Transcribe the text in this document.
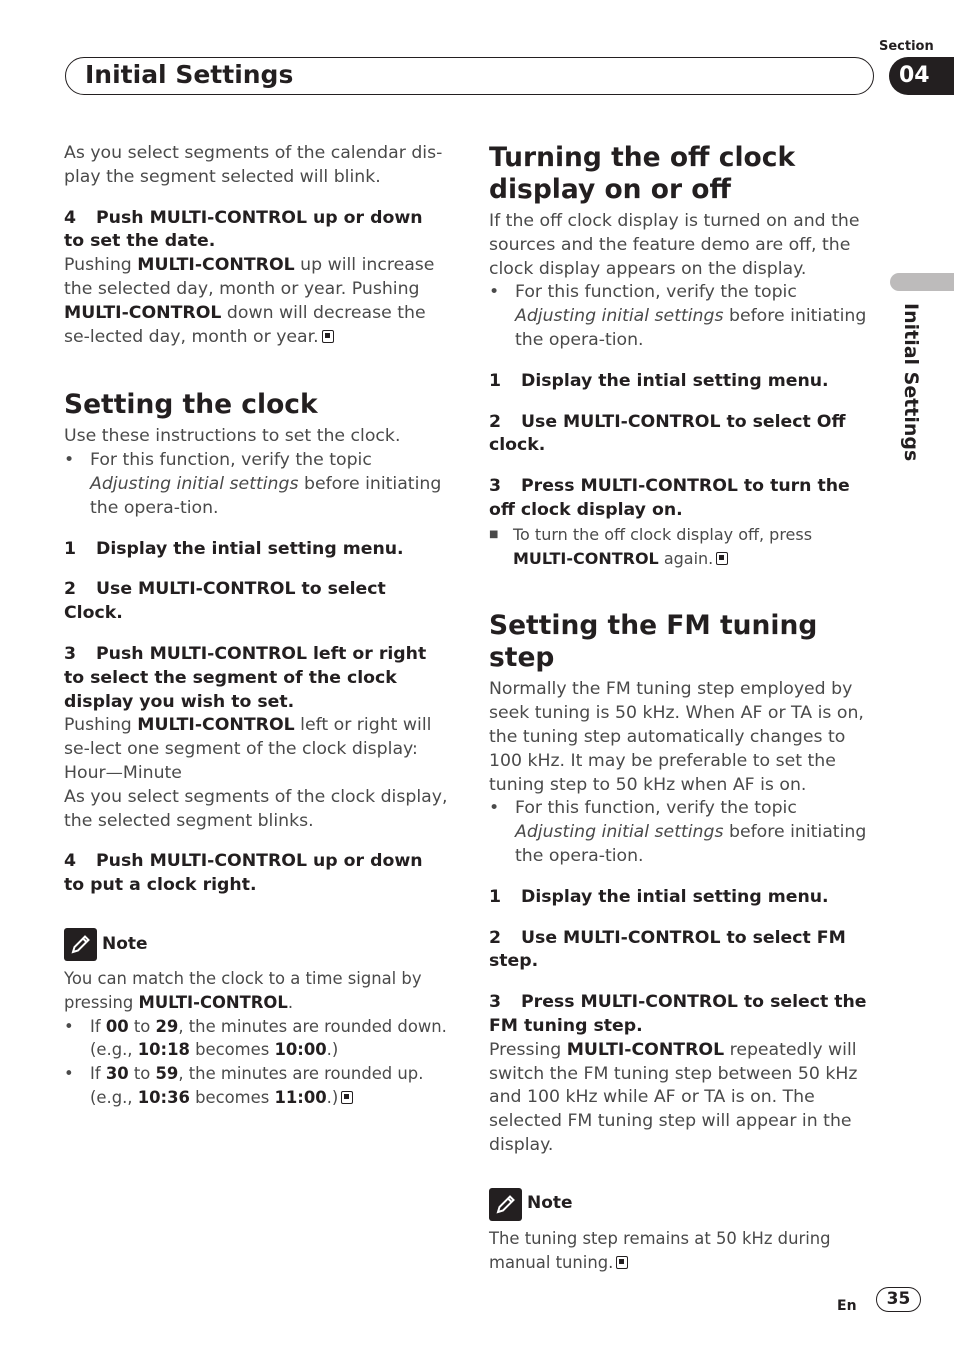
Initial Settings
Section
04
Initial Settings

As you select segments of the calendar dis-play the segment selected will blink.

4 Push MULTI-CONTROL up or down to set the date.

Pushing MULTI-CONTROL up will increase the selected day, month or year. Pushing MULTI-CONTROL down will decrease the se-lected day, month or year.

Setting the clock

Use these instructions to set the clock.

• For this function, verify the topic Adjusting initial settings before initiating the opera-tion.

1 Display the intial setting menu.

2 Use MULTI-CONTROL to select Clock.

3 Push MULTI-CONTROL left or right to select the segment of the clock display you wish to set.

Pushing MULTI-CONTROL left or right will se-lect one segment of the clock display:

Hour—Minute

As you select segments of the clock display, the selected segment blinks.

4 Push MULTI-CONTROL up or down to put a clock right.

Note

You can match the clock to a time signal by pressing MULTI-CONTROL.

• If 00 to 29, the minutes are rounded down. (e.g., 10:18 becomes 10:00.)
• If 30 to 59, the minutes are rounded up. (e.g., 10:36 becomes 11:00.)

Turning the off clock display on or off

If the off clock display is turned on and the sources and the feature demo are off, the clock display appears on the display.

• For this function, verify the topic Adjusting initial settings before initiating the opera-tion.

1 Display the intial setting menu.

2 Use MULTI-CONTROL to select Off clock.

3 Press MULTI-CONTROL to turn the off clock display on.

■ To turn the off clock display off, press MULTI-CONTROL again.

Setting the FM tuning step

Normally the FM tuning step employed by seek tuning is 50 kHz. When AF or TA is on, the tuning step automatically changes to 100 kHz. It may be preferable to set the tuning step to 50 kHz when AF is on.

• For this function, verify the topic Adjusting initial settings before initiating the opera-tion.

1 Display the intial setting menu.

2 Use MULTI-CONTROL to select FM step.

3 Press MULTI-CONTROL to select the FM tuning step.

Pressing MULTI-CONTROL repeatedly will switch the FM tuning step between 50 kHz and 100 kHz while AF or TA is on. The selected FM tuning step will appear in the display.

Note

The tuning step remains at 50 kHz during manual tuning.

En	35
